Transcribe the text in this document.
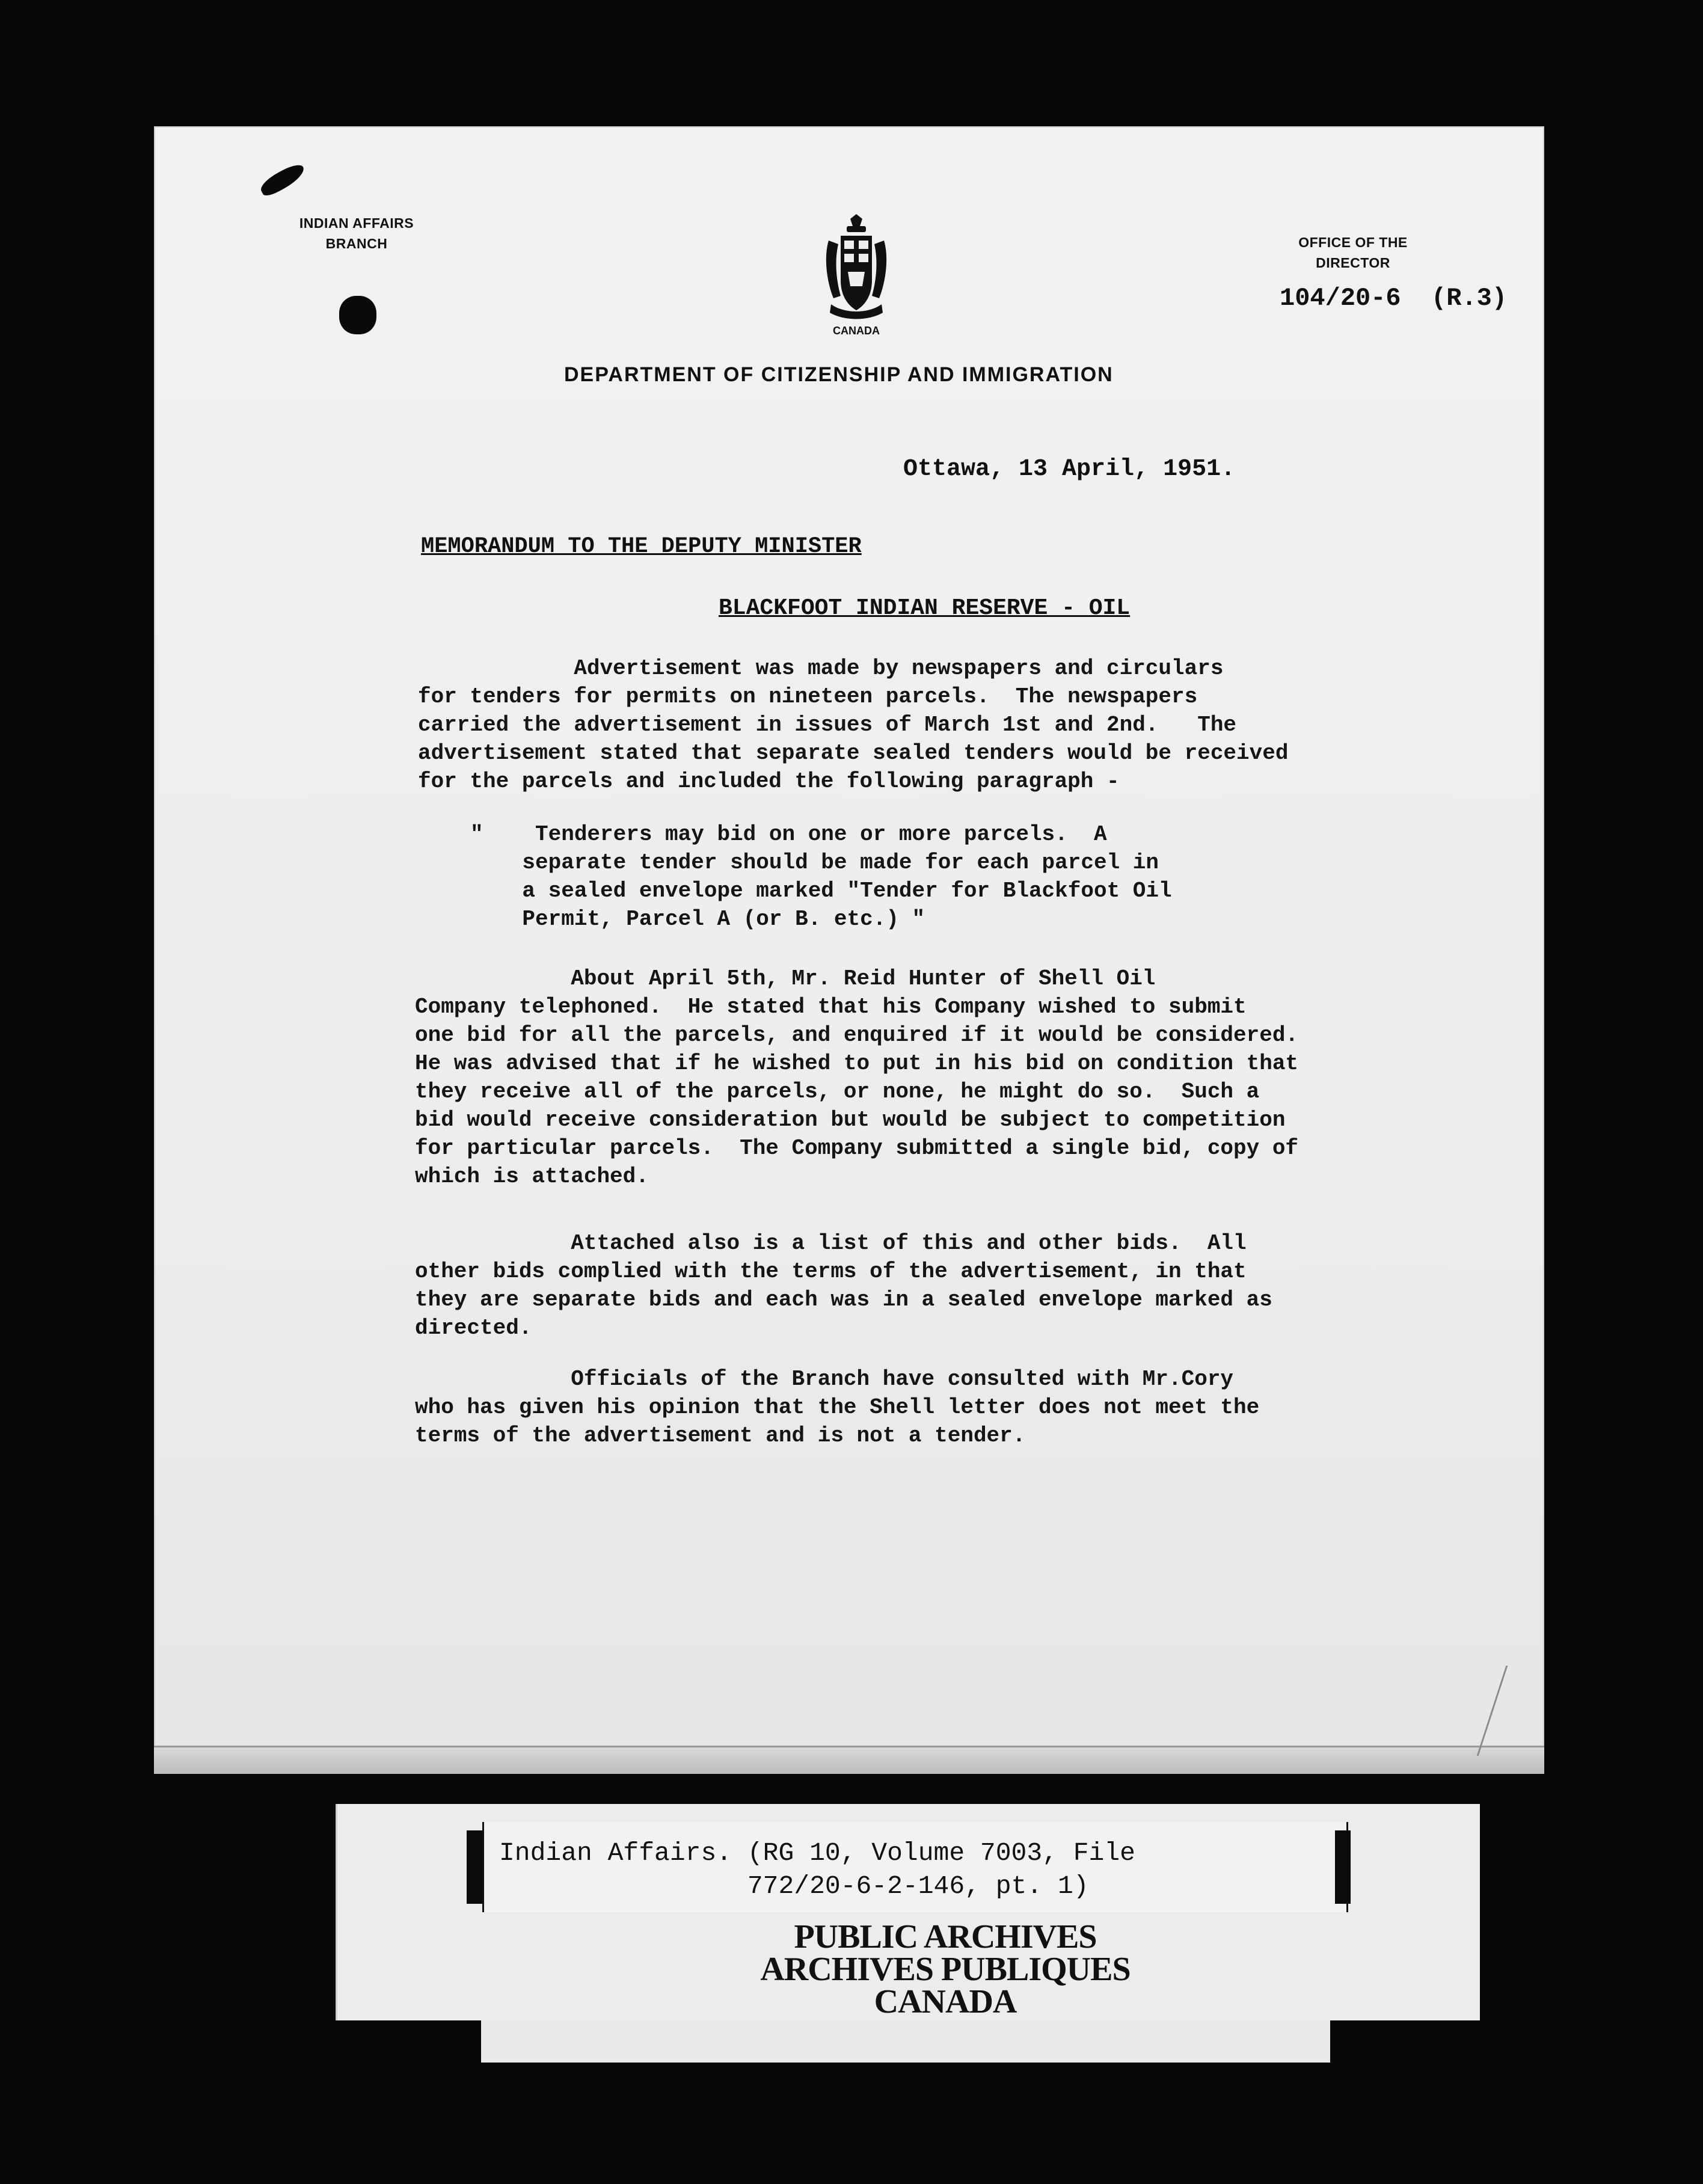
INDIAN AFFAIRS
BRANCH
CANADA
OFFICE OF THE
DIRECTOR
104/20-6  (R.3)
DEPARTMENT OF CITIZENSHIP AND IMMIGRATION
Ottawa, 13 April, 1951.
MEMORANDUM TO THE DEPUTY MINISTER
BLACKFOOT INDIAN RESERVE - OIL
Advertisement was made by newspapers and circulars
for tenders for permits on nineteen parcels.  The newspapers
carried the advertisement in issues of March 1st and 2nd.   The
advertisement stated that separate sealed tenders would be received
for the parcels and included the following paragraph -
"    Tenderers may bid on one or more parcels.  A
separate tender should be made for each parcel in
a sealed envelope marked "Tender for Blackfoot Oil
Permit, Parcel A (or B. etc.) "
About April 5th, Mr. Reid Hunter of Shell Oil
Company telephoned.  He stated that his Company wished to submit
one bid for all the parcels, and enquired if it would be considered.
He was advised that if he wished to put in his bid on condition that
they receive all of the parcels, or none, he might do so.  Such a
bid would receive consideration but would be subject to competition
for particular parcels.  The Company submitted a single bid, copy of
which is attached.
Attached also is a list of this and other bids.  All
other bids complied with the terms of the advertisement, in that
they are separate bids and each was in a sealed envelope marked as
directed.
Officials of the Branch have consulted with Mr.Cory
who has given his opinion that the Shell letter does not meet the
terms of the advertisement and is not a tender.
Indian Affairs. (RG 10, Volume 7003, File
772/20-6-2-146, pt. 1)
PUBLIC ARCHIVES
ARCHIVES PUBLIQUES
CANADA
